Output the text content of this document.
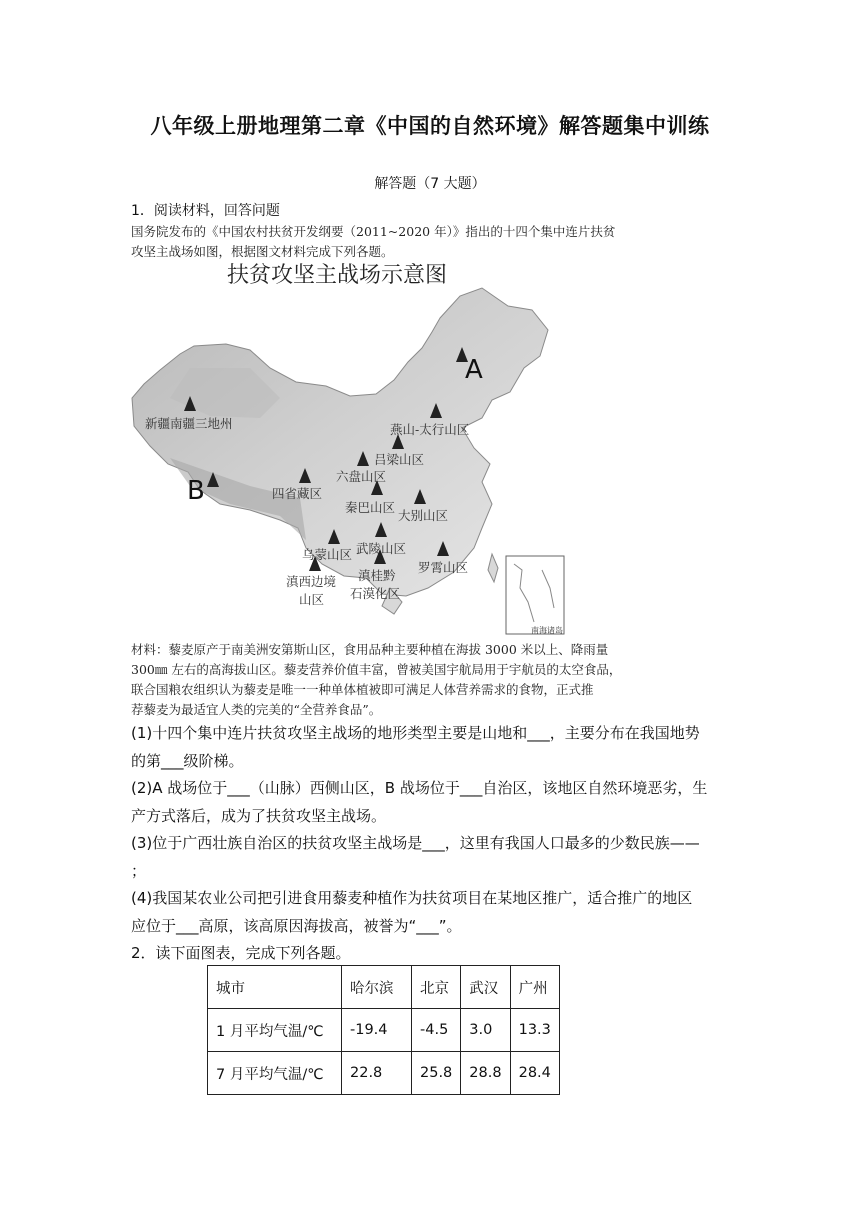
八年级上册地理第二章《中国的自然环境》解答题集中训练
解答题（7 大题）
1．阅读材料，回答问题
国务院发布的《中国农村扶贫开发纲要（2011~2020 年）》指出的十四个集中连片扶贫
攻坚主战场如图，根据图文材料完成下列各题。
扶贫攻坚主战场示意图
A
新疆南疆三地州	燕山-太行山区
吕梁山区
六盘山区
B	四省藏区
秦巴山区
大别山区
乌蒙山区 武陵山区
罗霄山区
滇西边境
山区
滇桂黔
石漠化区
南海诸岛
材料：藜麦原产于南美洲安第斯山区，食用品种主要种植在海拔 3000 米以上、降雨量
300㎜ 左右的高海拔山区。藜麦营养价值丰富，曾被美国宇航局用于宇航员的太空食品，
联合国粮农组织认为藜麦是唯一一种单体植被即可满足人体营养需求的食物，正式推
荐藜麦为最适宜人类的完美的“全营养食品”。
(1)十四个集中连片扶贫攻坚主战场的地形类型主要是山地和___，主要分布在我国地势
的第___级阶梯。
(2)A 战场位于___（山脉）西侧山区，B 战场位于___自治区，该地区自然环境恶劣，生
产方式落后，成为了扶贫攻坚主战场。
(3)位于广西壮族自治区的扶贫攻坚主战场是___，这里有我国人口最多的少数民族——
；
(4)我国某农业公司把引进食用藜麦种植作为扶贫项目在某地区推广，适合推广的地区
应位于___高原，该高原因海拔高，被誉为“___”。
2．读下面图表，完成下列各题。
城市	哈尔滨	北京	武汉	广州
1 月平均气温/℃	-19.4	-4.5	3.0	13.3
7 月平均气温/℃	22.8	25.8	28.8	28.4
